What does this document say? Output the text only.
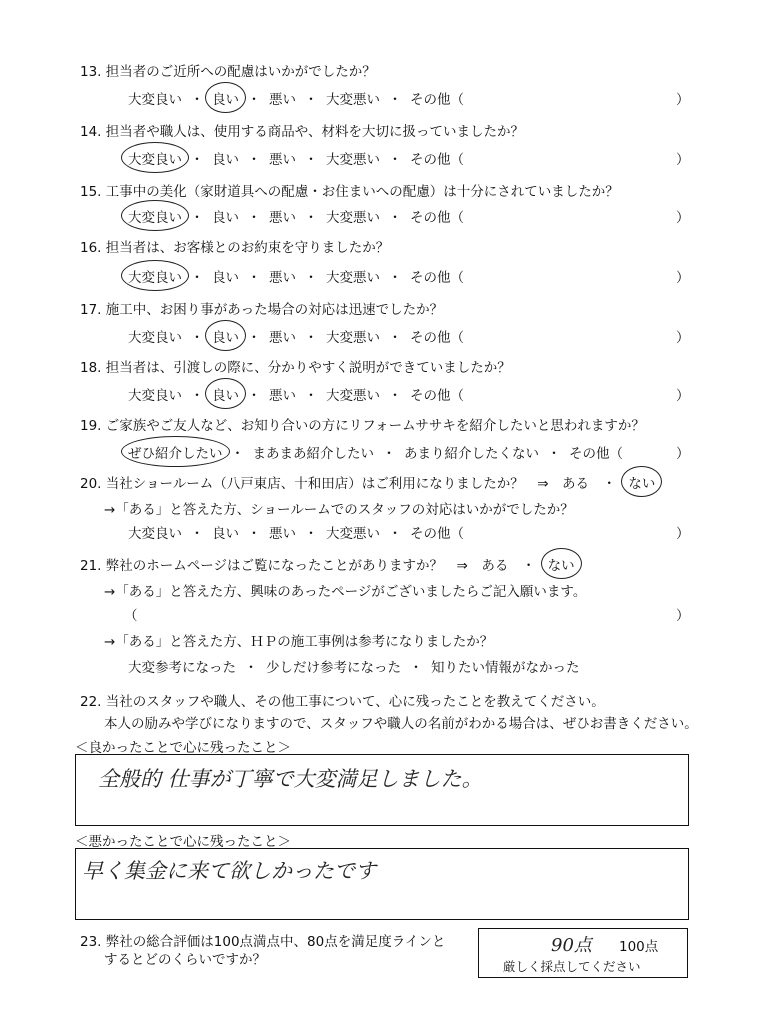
13. 担当者のご近所への配慮はいかがでしたか？
大変良い ・ 良い ・ 悪い ・ 大変悪い ・ その他（	）
14. 担当者や職人は、使用する商品や、材料を大切に扱っていましたか？
大変良い ・ 良い ・ 悪い ・ 大変悪い ・ その他（	）
15. 工事中の美化（家財道具への配慮・お住まいへの配慮）は十分にされていましたか？
大変良い ・ 良い ・ 悪い ・ 大変悪い ・ その他（	）
16. 担当者は、お客様とのお約束を守りましたか？
大変良い ・ 良い ・ 悪い ・ 大変悪い ・ その他（	）
17. 施工中、お困り事があった場合の対応は迅速でしたか？
大変良い ・ 良い ・ 悪い ・ 大変悪い ・ その他（	）
18. 担当者は、引渡しの際に、分かりやすく説明ができていましたか？
大変良い ・ 良い ・ 悪い ・ 大変悪い ・ その他（	）
19. ご家族やご友人など、お知り合いの方にリフォームササキを紹介したいと思われますか？
ぜひ紹介したい ・ まあまあ紹介したい ・ あまり紹介したくない ・ その他（	）
20. 当社ショールーム（八戸東店、十和田店）はご利用になりましたか？　⇒　ある　・ ない
→「ある」と答えた方、ショールームでのスタッフの対応はいかがでしたか？
大変良い ・ 良い ・ 悪い ・ 大変悪い ・ その他（	）
21. 弊社のホームページはご覧になったことがありますか？　⇒　ある　・ ない
→「ある」と答えた方、興味のあったページがございましたらご記入願います。
（	）
→「ある」と答えた方、ＨＰの施工事例は参考になりましたか？
大変参考になった ・ 少しだけ参考になった ・ 知りたい情報がなかった
22. 当社のスタッフや職人、その他工事について、心に残ったことを教えてください。
本人の励みや学びになりますので、スタッフや職人の名前がわかる場合は、ぜひお書きください。
＜良かったことで心に残ったこと＞
全般的 仕事が丁寧で大変満足しました。
＜悪かったことで心に残ったこと＞
早く集金に来て欲しかったです
23. 弊社の総合評価は100点満点中、80点を満足度ラインと
するとどのくらいですか？
90点 100点
厳しく採点してください
